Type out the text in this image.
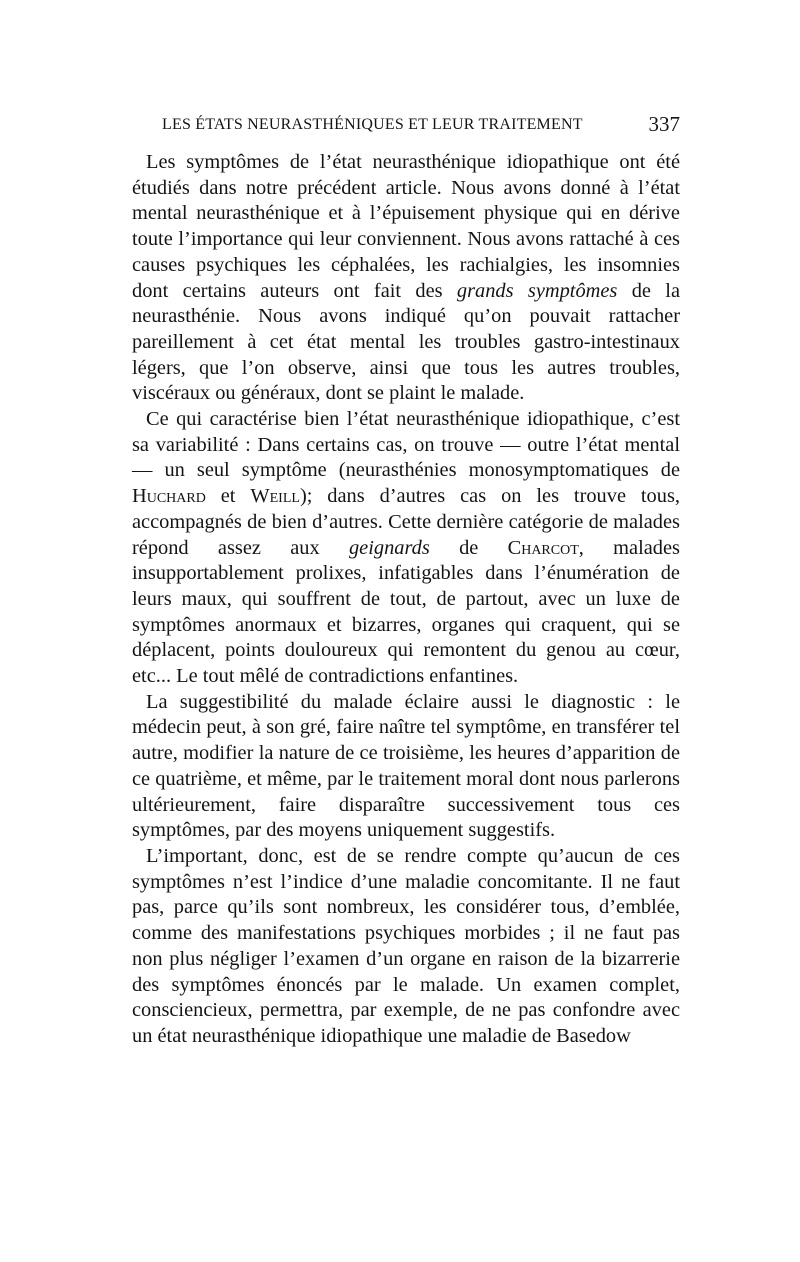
LES ÉTATS NEURASTHÉNIQUES ET LEUR TRAITEMENT	337

Les symptômes de l’état neurasthénique idiopathique ont été étudiés dans notre précédent article. Nous avons donné à l’état mental neurasthénique et à l’épuisement physique qui en dérive toute l’importance qui leur conviennent. Nous avons rattaché à ces causes psychiques les céphalées, les rachialgies, les insomnies dont certains auteurs ont fait des grands symptômes de la neurasthénie. Nous avons indiqué qu’on pouvait rattacher pareillement à cet état mental les troubles gastro-intestinaux légers, que l’on observe, ainsi que tous les autres troubles, viscéraux ou généraux, dont se plaint le malade.

Ce qui caractérise bien l’état neurasthénique idiopathique, c’est sa variabilité : Dans certains cas, on trouve — outre l’état mental — un seul symptôme (neurasthénies monosymptomatiques de Huchard et Weill); dans d’autres cas on les trouve tous, accompagnés de bien d’autres. Cette dernière catégorie de malades répond assez aux geignards de Charcot, malades insupportablement prolixes, infatigables dans l’énumération de leurs maux, qui souffrent de tout, de partout, avec un luxe de symptômes anormaux et bizarres, organes qui craquent, qui se déplacent, points douloureux qui remontent du genou au cœur, etc... Le tout mêlé de contradictions enfantines.

La suggestibilité du malade éclaire aussi le diagnostic : le médecin peut, à son gré, faire naître tel symptôme, en transférer tel autre, modifier la nature de ce troisième, les heures d’apparition de ce quatrième, et même, par le traitement moral dont nous parlerons ultérieurement, faire disparaître successivement tous ces symptômes, par des moyens uniquement suggestifs.

L’important, donc, est de se rendre compte qu’aucun de ces symptômes n’est l’indice d’une maladie concomitante. Il ne faut pas, parce qu’ils sont nombreux, les considérer tous, d’emblée, comme des manifestations psychiques morbides ; il ne faut pas non plus négliger l’examen d’un organe en raison de la bizarrerie des symptômes énoncés par le malade. Un examen complet, consciencieux, permettra, par exemple, de ne pas confondre avec un état neurasthénique idiopathique une maladie de Basedow
